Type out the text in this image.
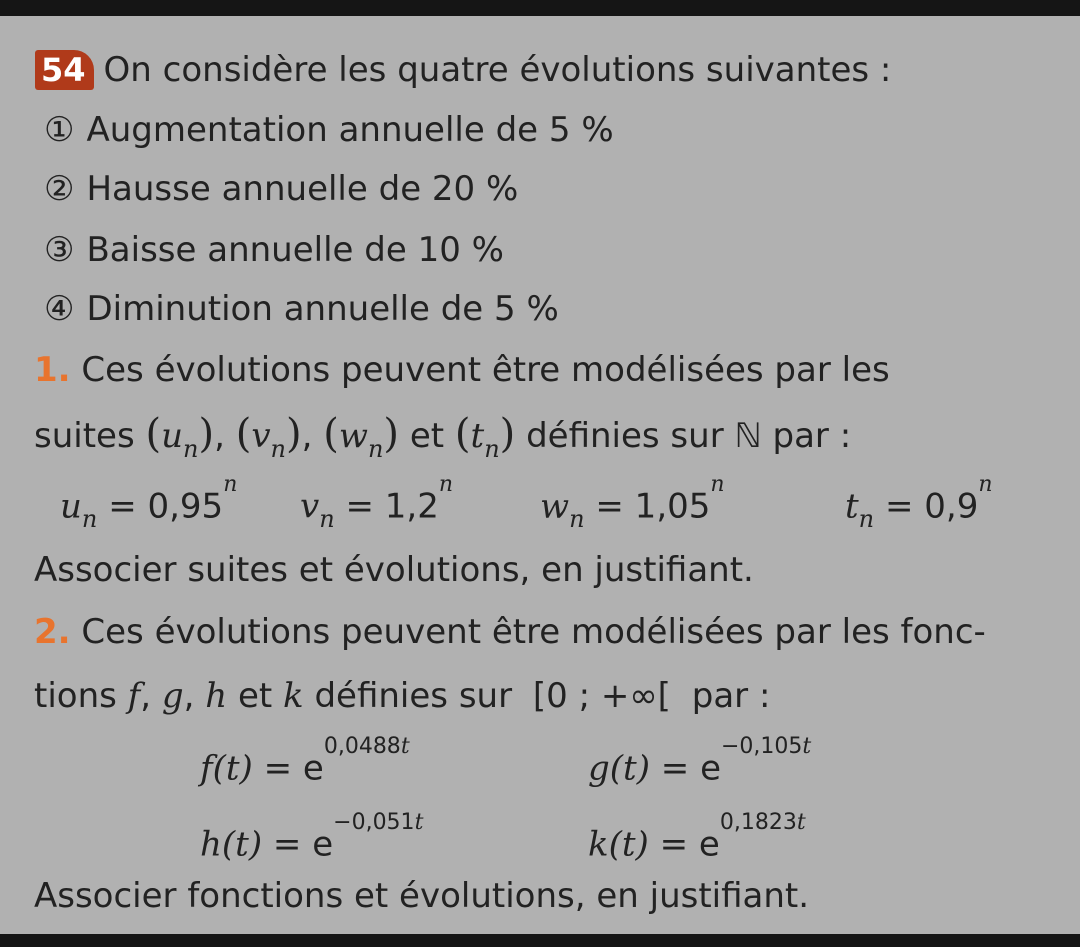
54 On considère les quatre évolutions suivantes :
① Augmentation annuelle de 5 %
② Hausse annuelle de 20 %
③ Baisse annuelle de 10 %
④ Diminution annuelle de 5 %
1. Ces évolutions peuvent être modélisées par les
suites $(u_n)$, $(v_n)$, $(w_n)$ et $(t_n)$ définies sur ℕ par :
$u_n = 0,95^n$
$v_n = 1,2^n$
$w_n = 1,05^n$
$t_n = 0,9^n$
Associer suites et évolutions, en justifiant.
2. Ces évolutions peuvent être modélisées par les fonc-
tions f, g, h et k définies sur [0 ; +∞[ par :
$f(t) = e^{0,0488t}$
$g(t) = e^{-0,105t}$
$h(t) = e^{-0,051t}$
$k(t) = e^{0,1823t}$
Associer fonctions et évolutions, en justifiant.
